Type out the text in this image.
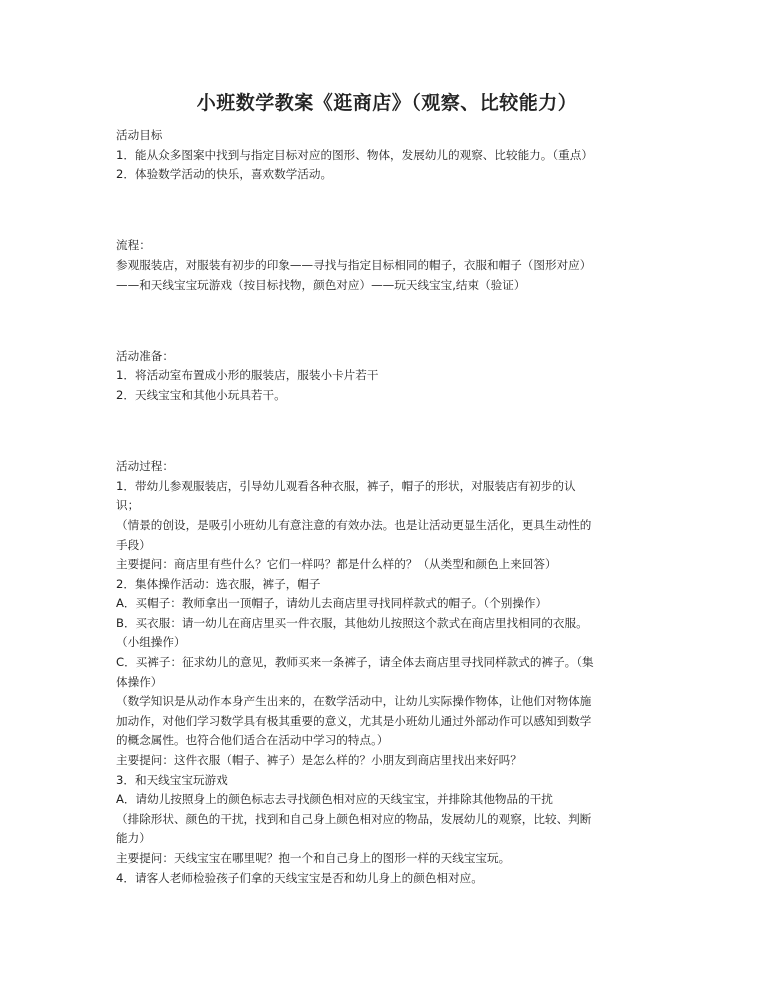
小班数学教案《逛商店》（观察、比较能力）

活动目标

1．能从众多图案中找到与指定目标对应的图形、物体，发展幼儿的观察、比较能力。（重点）

2．体验数学活动的快乐，喜欢数学活动。

流程：

参观服装店，对服装有初步的印象——寻找与指定目标相同的帽子，衣服和帽子（图形对应）

——和天线宝宝玩游戏（按目标找物，颜色对应）——玩天线宝宝,结束（验证）

活动准备：

1．将活动室布置成小形的服装店，服装小卡片若干

2．天线宝宝和其他小玩具若干。

活动过程：

1．带幼儿参观服装店，引导幼儿观看各种衣服，裤子，帽子的形状，对服装店有初步的认

识；

（情景的创设，是吸引小班幼儿有意注意的有效办法。也是让活动更显生活化，更具生动性的

手段）

主要提问：商店里有些什么？它们一样吗？都是什么样的？（从类型和颜色上来回答）

2．集体操作活动：选衣服，裤子，帽子

A．买帽子：教师拿出一顶帽子，请幼儿去商店里寻找同样款式的帽子。（个别操作）

B．买衣服：请一幼儿在商店里买一件衣服，其他幼儿按照这个款式在商店里找相同的衣服。

（小组操作）

C．买裤子：征求幼儿的意见，教师买来一条裤子，请全体去商店里寻找同样款式的裤子。（集

体操作）

（数学知识是从动作本身产生出来的，在数学活动中，让幼儿实际操作物体，让他们对物体施

加动作，对他们学习数学具有极其重要的意义，尤其是小班幼儿通过外部动作可以感知到数学

的概念属性。也符合他们适合在活动中学习的特点。）

主要提问：这件衣服（帽子、裤子）是怎么样的？小朋友到商店里找出来好吗？

3．和天线宝宝玩游戏

A．请幼儿按照身上的颜色标志去寻找颜色相对应的天线宝宝，并排除其他物品的干扰

（排除形状、颜色的干扰，找到和自己身上颜色相对应的物品，发展幼儿的观察，比较、判断

能力）

主要提问：天线宝宝在哪里呢？抱一个和自己身上的图形一样的天线宝宝玩。

4．请客人老师检验孩子们拿的天线宝宝是否和幼儿身上的颜色相对应。
